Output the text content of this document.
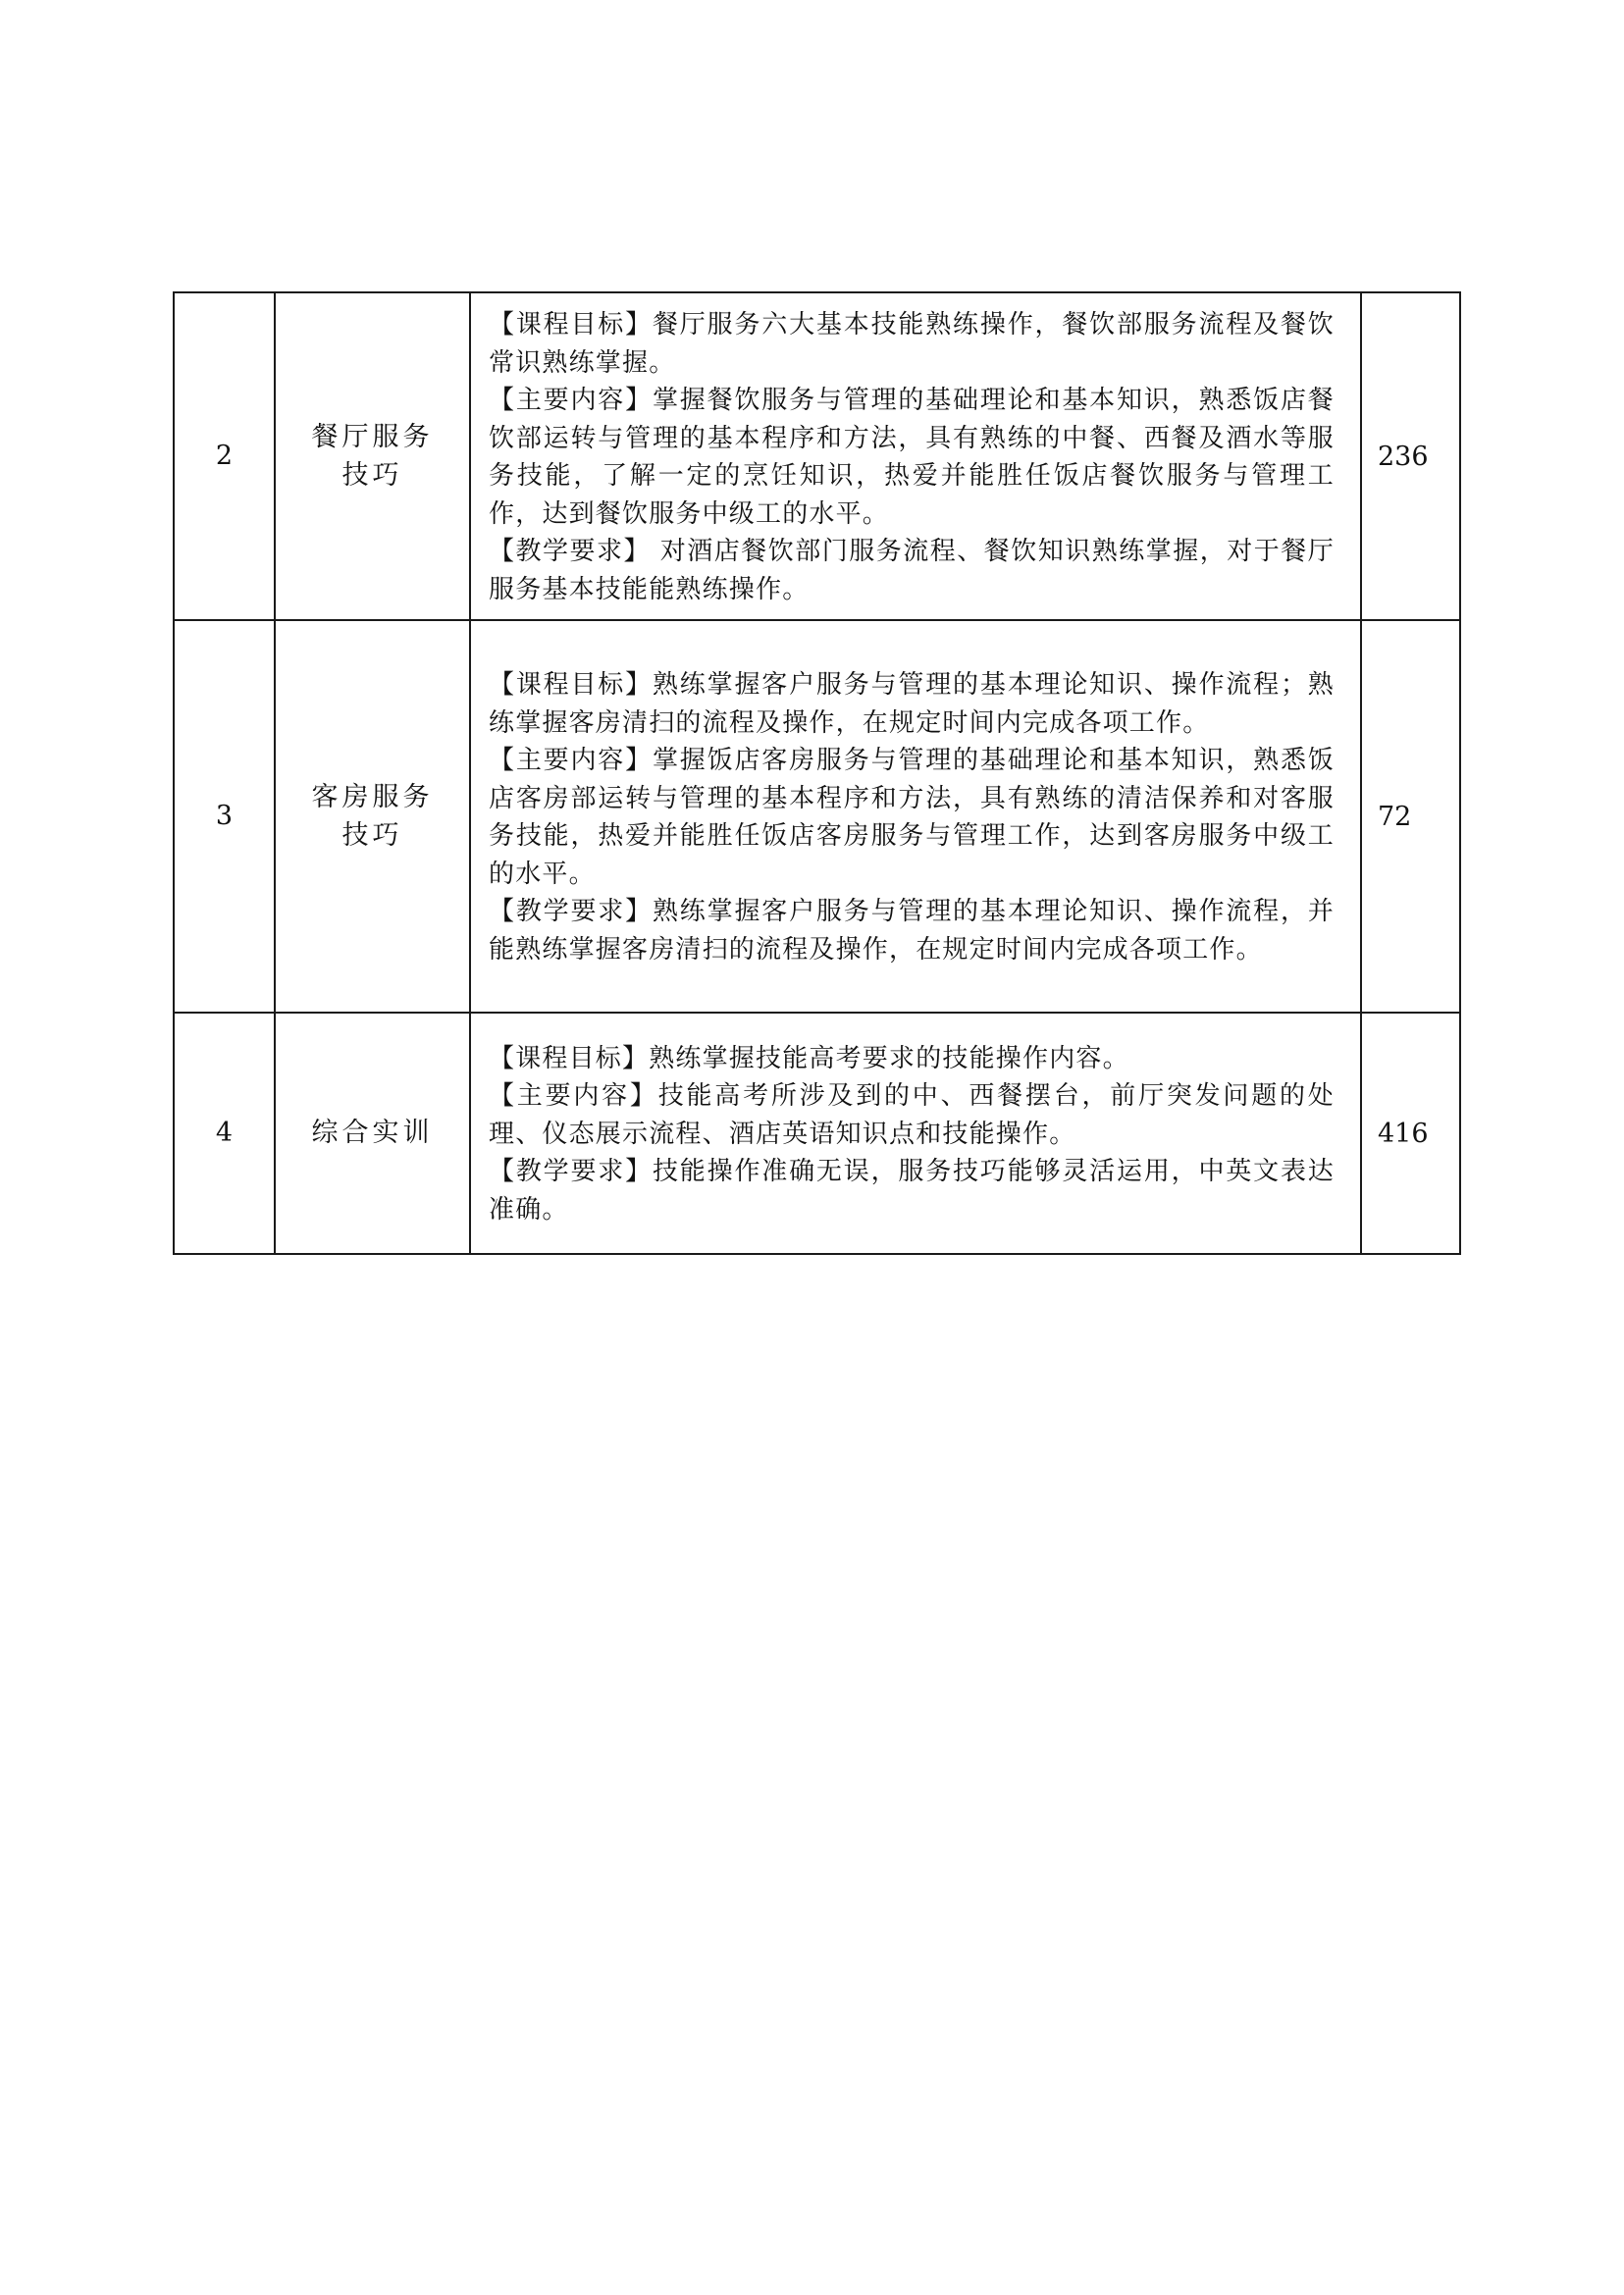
2	餐厅服务技巧	【课程目标】餐厅服务六大基本技能熟练操作，餐饮部服务流程及餐饮常识熟练掌握。

【主要内容】掌握餐饮服务与管理的基础理论和基本知识，熟悉饭店餐饮部运转与管理的基本程序和方法，具有熟练的中餐、西餐及酒水等服务技能，了解一定的烹饪知识，热爱并能胜任饭店餐饮服务与管理工作，达到餐饮服务中级工的水平。

【教学要求】 对酒店餐饮部门服务流程、餐饮知识熟练掌握，对于餐厅服务基本技能能熟练操作。	236
3	客房服务技巧	【课程目标】熟练掌握客户服务与管理的基本理论知识、操作流程；熟练掌握客房清扫的流程及操作，在规定时间内完成各项工作。

【主要内容】掌握饭店客房服务与管理的基础理论和基本知识，熟悉饭店客房部运转与管理的基本程序和方法，具有熟练的清洁保养和对客服务技能，热爱并能胜任饭店客房服务与管理工作，达到客房服务中级工的水平。

【教学要求】熟练掌握客户服务与管理的基本理论知识、操作流程，并能熟练掌握客房清扫的流程及操作，在规定时间内完成各项工作。	72
4	综合实训	【课程目标】熟练掌握技能高考要求的技能操作内容。

【主要内容】技能高考所涉及到的中、西餐摆台，前厅突发问题的处理、仪态展示流程、酒店英语知识点和技能操作。

【教学要求】技能操作准确无误，服务技巧能够灵活运用，中英文表达准确。	416
